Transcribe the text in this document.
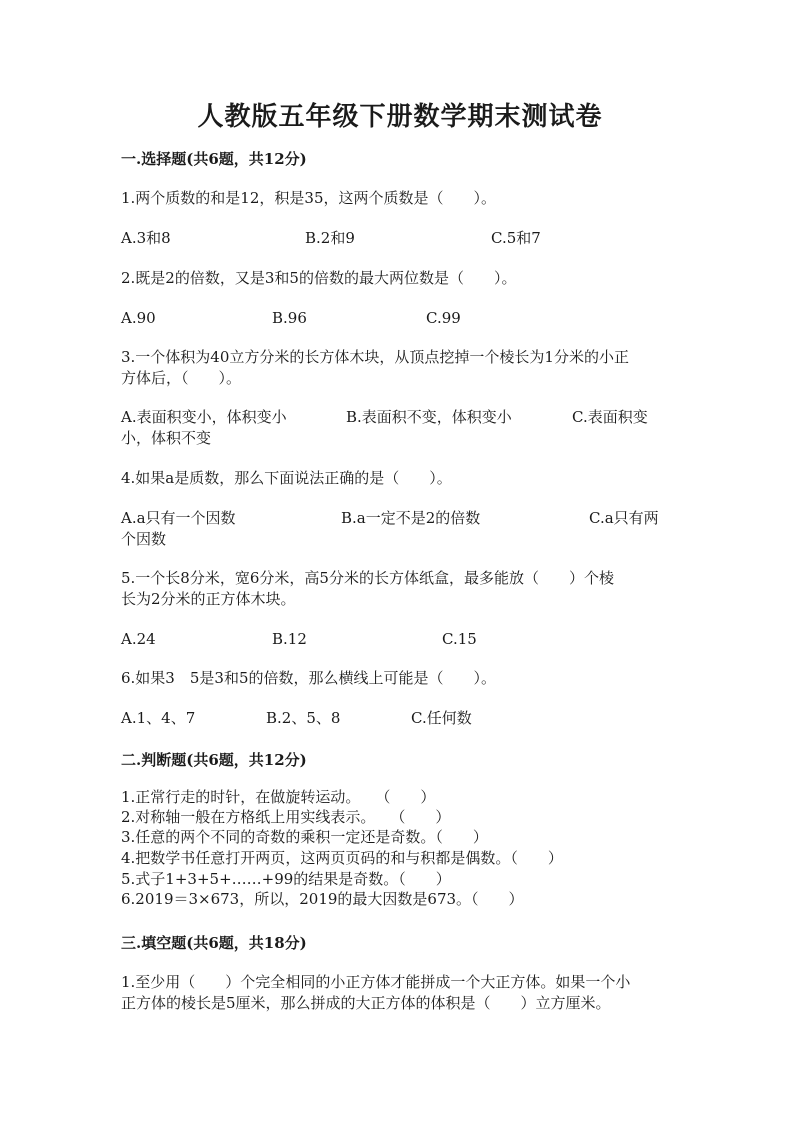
人教版五年级下册数学期末测试卷
一.选择题(共6题，共12分)
1.两个质数的和是12，积是35，这两个质数是（　　）。
A.3和8	B.2和9	C.5和7
2.既是2的倍数，又是3和5的倍数的最大两位数是（　　）。
A.90	B.96	C.99
3.一个体积为40立方分米的长方体木块，从顶点挖掉一个棱长为1分米的小正
方体后，（　　）。
A.表面积变小，体积变小	B.表面积不变，体积变小	C.表面积变
小，体积不变
4.如果a是质数，那么下面说法正确的是（　　）。
A.a只有一个因数	B.a一定不是2的倍数	C.a只有两
个因数
5.一个长8分米，宽6分米，高5分米的长方体纸盒，最多能放（　　）个棱
长为2分米的正方体木块。
A.24	B.12	C.15
6.如果3　5是3和5的倍数，那么横线上可能是（　　）。
A.1、4、7	B.2、5、8	C.任何数
二.判断题(共6题，共12分)
1.正常行走的时针，在做旋转运动。　　（　　）
2.对称轴一般在方格纸上用实线表示。　　（　　）
3.任意的两个不同的奇数的乘积一定还是奇数。（　　）
4.把数学书任意打开两页，这两页页码的和与积都是偶数。（　　）
5.式子1+3+5+……+99的结果是奇数。（　　）
6.2019＝3×673，所以，2019的最大因数是673。（　　）
三.填空题(共6题，共18分)
1.至少用（　　）个完全相同的小正方体才能拼成一个大正方体。如果一个小
正方体的棱长是5厘米，那么拼成的大正方体的体积是（　　）立方厘米。
